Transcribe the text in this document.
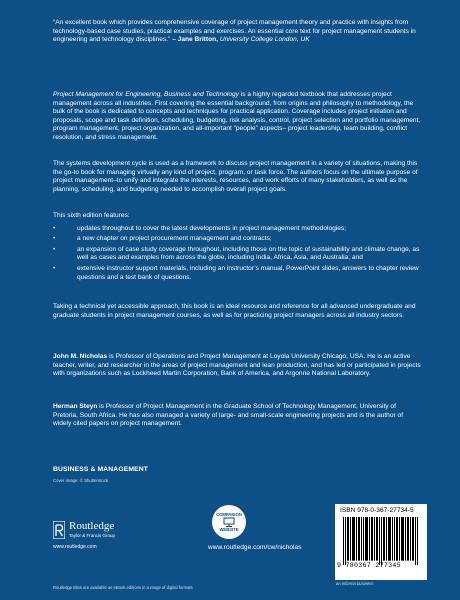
“An excellent book which provides comprehensive coverage of project management theory and practice with insights from technology-based case studies, practical examples and exercises. An essential core text for project management students in engineering and technology disciplines.” – Jane Britton, University College London, UK

Project Management for Engineering, Business and Technology is a highly regarded textbook that addresses project management across all industries. First covering the essential background, from origins and philosophy to methodology, the bulk of the book is dedicated to concepts and techniques for practical application. Coverage includes project initiation and proposals, scope and task definition, scheduling, budgeting, risk analysis, control, project selection and portfolio management, program management, project organization, and all-important “people” aspects– project leadership, team building, conflict resolution, and stress management.

The systems development cycle is used as a framework to discuss project management in a variety of situations, making this the go-to book for managing virtually any kind of project, program, or task force. The authors focus on the ultimate purpose of project management–to unify and integrate the interests, resources, and work efforts of many stakeholders, as well as the planning, scheduling, and budgeting needed to accomplish overall project goals.

This sixth edition features:

•	updates throughout to cover the latest developments in project management methodologies;
•	a new chapter on project procurement management and contracts;
•	an expansion of case study coverage throughout, including those on the topic of sustainability and climate change, as well as cases and examples from across the globe, including India, Africa, Asia, and Australia; and
•	extensive instructor support materials, including an instructor’s manual, PowerPoint slides, answers to chapter review questions and a test bank of questions.

Taking a technical yet accessible approach, this book is an ideal resource and reference for all advanced undergraduate and graduate students in project management courses, as well as for practicing project managers across all industry sectors.

John M. Nicholas is Professor of Operations and Project Management at Loyola University Chicago, USA. He is an active teacher, writer, and researcher in the areas of project management and lean production, and has led or participated in projects with organizations such as Lockheed Martin Corporation, Bank of America, and Argonne National Laboratory.

Herman Steyn is Professor of Project Management in the Graduate School of Technology Management, University of Pretoria, South Africa. He has also managed a variety of large- and small-scale engineering projects and is the author of widely cited papers on project management.

BUSINESS & MANAGEMENT
Cover image: © Shutterstock
Routledge
Taylor & Francis Group
www.routledge.com
COMPANION
WEBSITE
www.routledge.com/cw/nicholas
ISBN 978-0-367-27734-5
9 780367 277345
an informa business
Routledge titles are available as eBook editions in a range of digital formats
